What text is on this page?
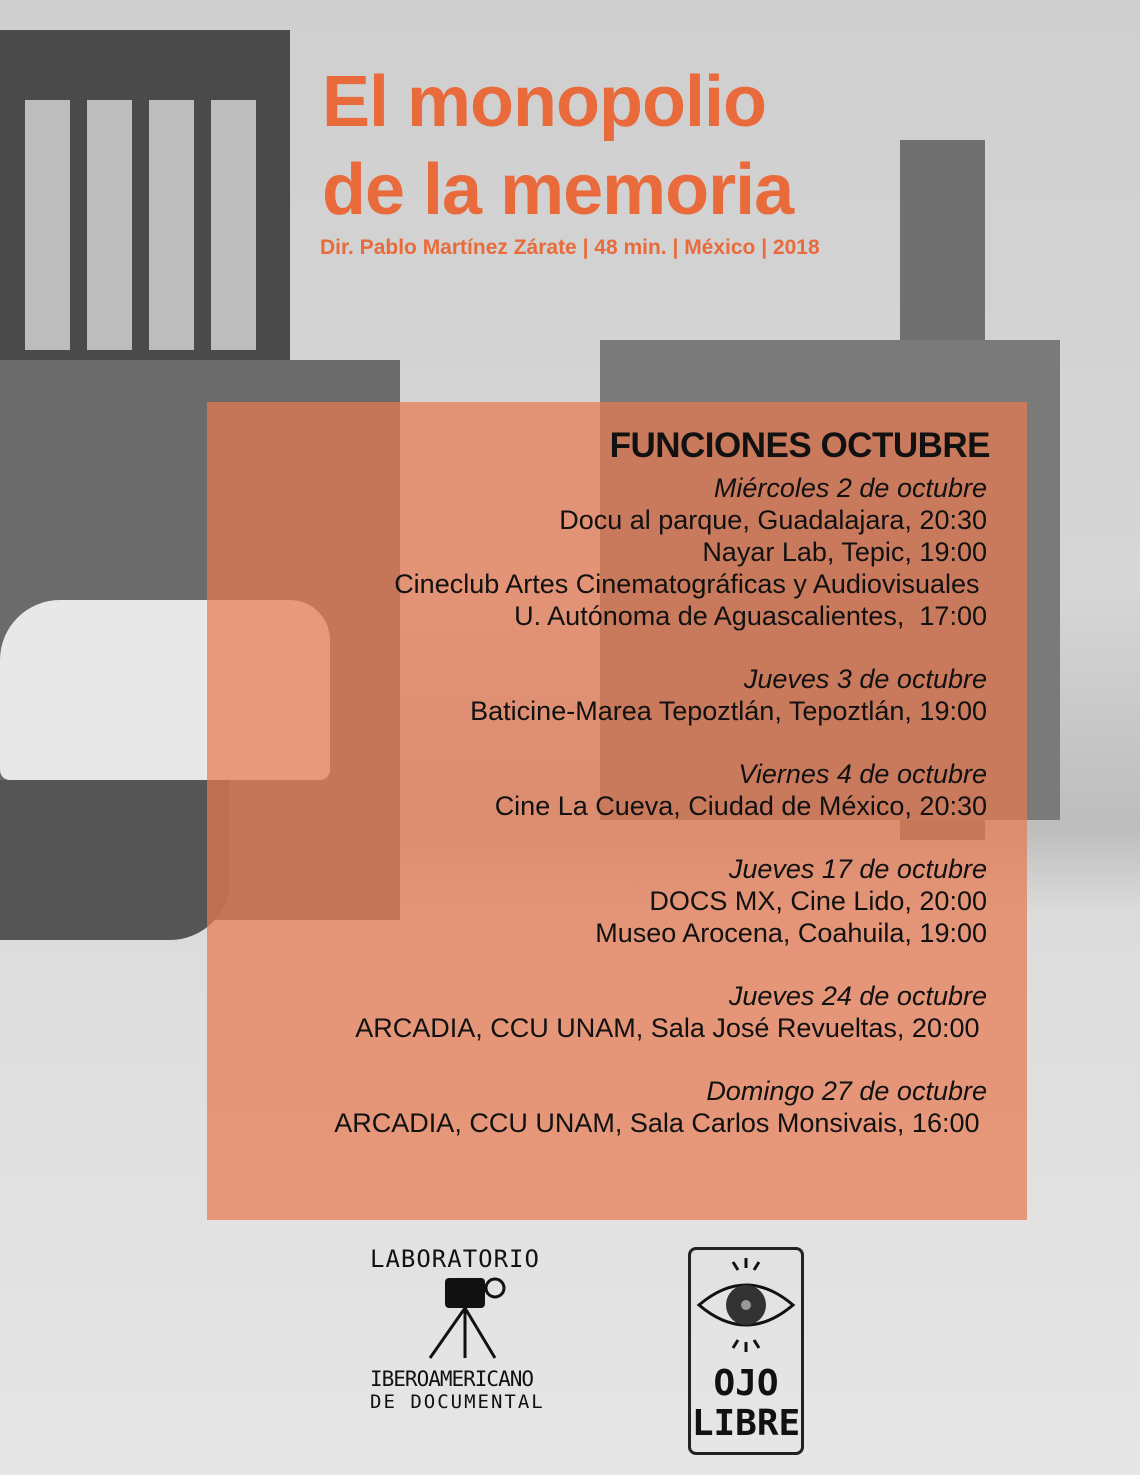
El monopolio
de la memoria
Dir. Pablo Martínez Zárate | 48 min. | México | 2018
FUNCIONES OCTUBRE
Miércoles 2 de octubre
Docu al parque, Guadalajara, 20:30
Nayar Lab, Tepic, 19:00
Cineclub Artes Cinematográficas y Audiovisuales
U. Autónoma de Aguascalientes,  17:00
Jueves 3 de octubre
Baticine-Marea Tepoztlán, Tepoztlán, 19:00
Viernes 4 de octubre
Cine La Cueva, Ciudad de México, 20:30
Jueves 17 de octubre
DOCS MX, Cine Lido, 20:00
Museo Arocena, Coahuila, 19:00
Jueves 24 de octubre
ARCADIA, CCU UNAM, Sala José Revueltas, 20:00
Domingo 27 de octubre
ARCADIA, CCU UNAM, Sala Carlos Monsivais, 16:00
LABORATORIO
IBEROAMERICANO
DE DOCUMENTAL	OJO
LIBRE
